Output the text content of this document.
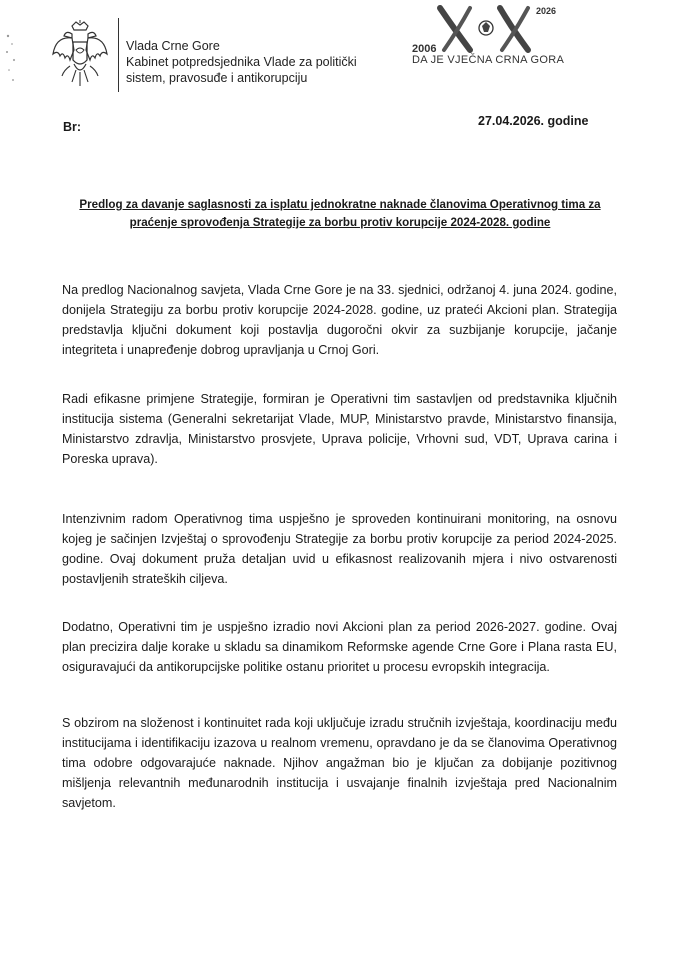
Vlada Crne Gore
Kabinet potpredsjednika Vlade za politički
sistem, pravosuđe i antikorupciju
2006
2026
DA JE VJEČNA CRNA GORA
Br:	27.04.2026. godine
Predlog za davanje saglasnosti za isplatu jednokratne naknade članovima Operativnog tima za
praćenje sprovođenja Strategije za borbu protiv korupcije 2024-2028. godine
Na predlog Nacionalnog savjeta, Vlada Crne Gore je na 33. sjednici, održanoj 4. juna 2024. godine, donijela Strategiju za borbu protiv korupcije 2024-2028. godine, uz prateći Akcioni plan. Strategija predstavlja ključni dokument koji postavlja dugoročni okvir za suzbijanje korupcije, jačanje integriteta i unapređenje dobrog upravljanja u Crnoj Gori.
Radi efikasne primjene Strategije, formiran je Operativni tim sastavljen od predstavnika ključnih institucija sistema (Generalni sekretarijat Vlade, MUP, Ministarstvo pravde, Ministarstvo finansija, Ministarstvo zdravlja, Ministarstvo prosvjete, Uprava policije, Vrhovni sud, VDT, Uprava carina i Poreska uprava).
Intenzivnim radom Operativnog tima uspješno je sproveden kontinuirani monitoring, na osnovu kojeg je sačinjen Izvještaj o sprovođenju Strategije za borbu protiv korupcije za period 2024-2025. godine. Ovaj dokument pruža detaljan uvid u efikasnost realizovanih mjera i nivo ostvarenosti postavljenih strateških ciljeva.
Dodatno, Operativni tim je uspješno izradio novi Akcioni plan za period 2026-2027. godine. Ovaj plan precizira dalje korake u skladu sa dinamikom Reformske agende Crne Gore i Plana rasta EU, osiguravajući da antikorupcijske politike ostanu prioritet u procesu evropskih integracija.
S obzirom na složenost i kontinuitet rada koji uključuje izradu stručnih izvještaja, koordinaciju među institucijama i identifikaciju izazova u realnom vremenu, opravdano je da se članovima Operativnog tima odobre odgovarajuće naknade. Njihov angažman bio je ključan za dobijanje pozitivnog mišljenja relevantnih međunarodnih institucija i usvajanje finalnih izvještaja pred Nacionalnim savjetom.
